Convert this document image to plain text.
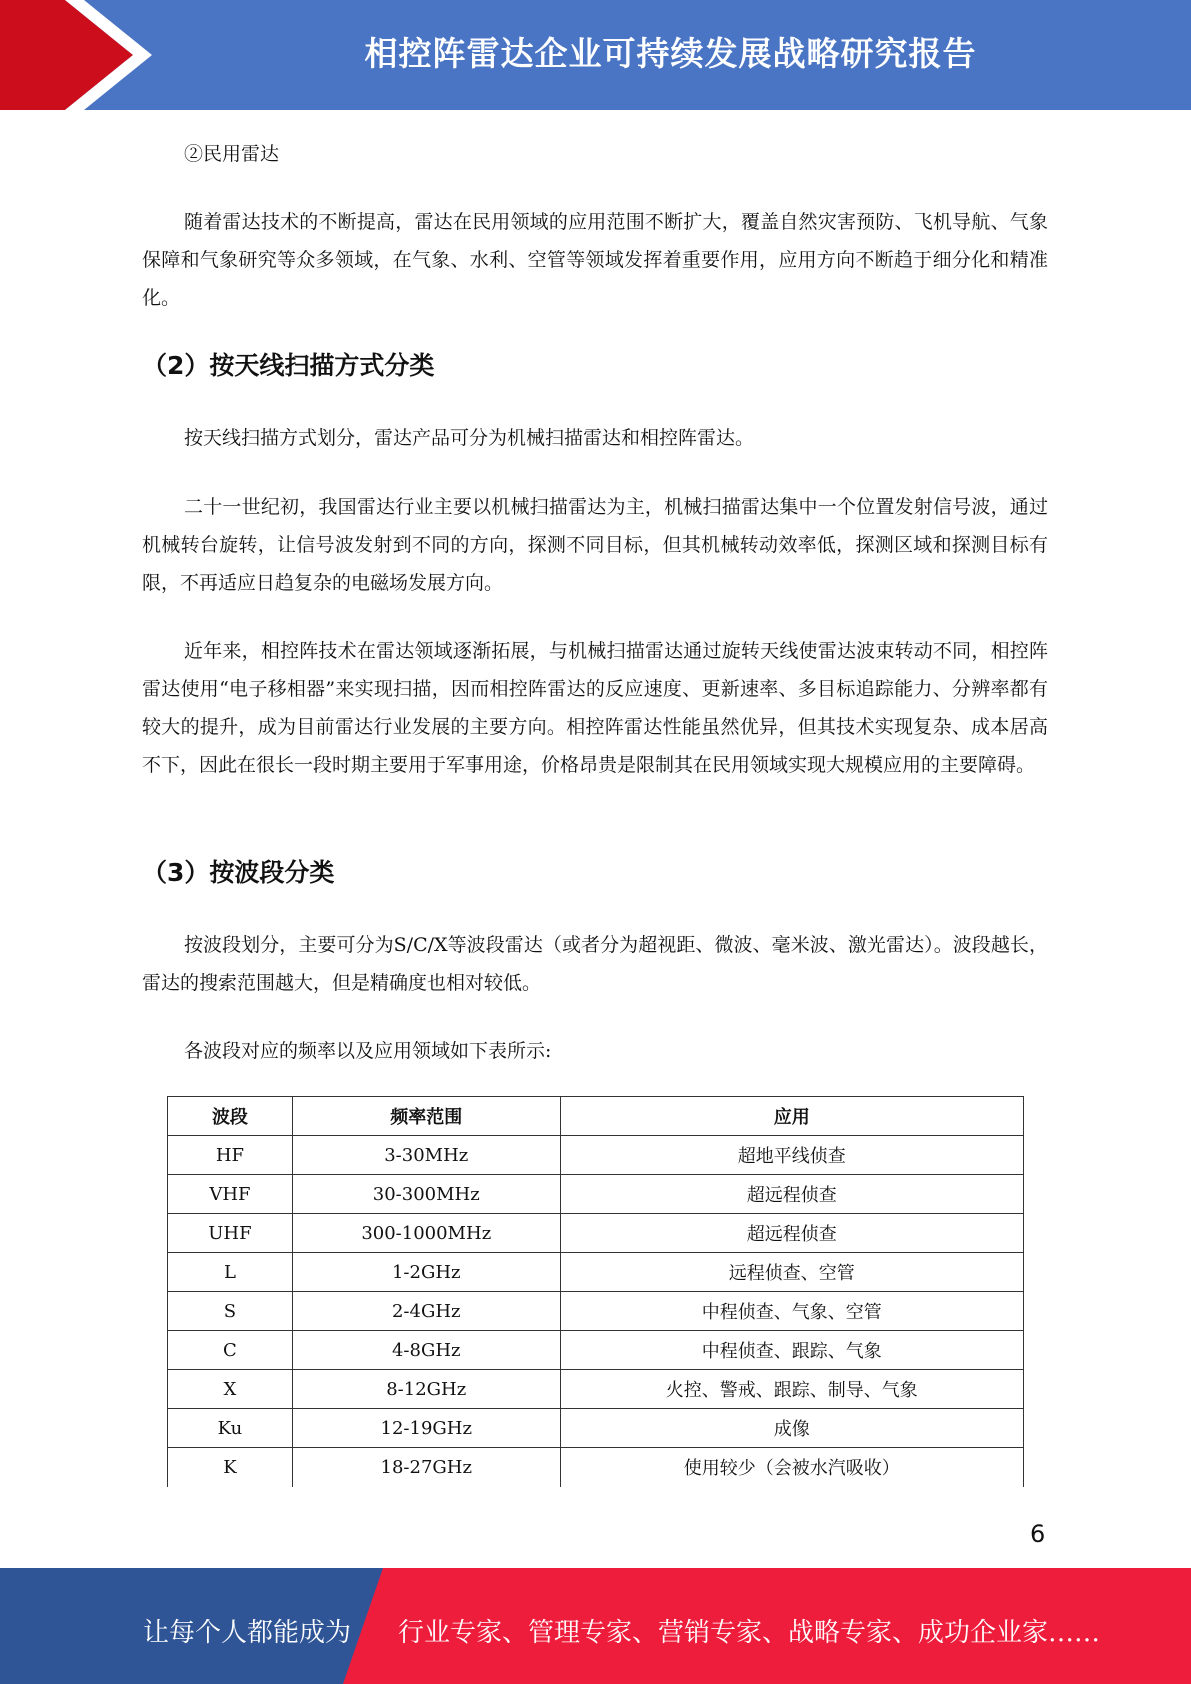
相控阵雷达企业可持续发展战略研究报告
②民用雷达
随着雷达技术的不断提高，雷达在民用领域的应用范围不断扩大，覆盖自然灾害预防、飞机导航、气象保障和气象研究等众多领域，在气象、水利、空管等领域发挥着重要作用，应用方向不断趋于细分化和精准化。
（2）按天线扫描方式分类
按天线扫描方式划分，雷达产品可分为机械扫描雷达和相控阵雷达。
二十一世纪初，我国雷达行业主要以机械扫描雷达为主，机械扫描雷达集中一个位置发射信号波，通过机械转台旋转，让信号波发射到不同的方向，探测不同目标，但其机械转动效率低，探测区域和探测目标有限，不再适应日趋复杂的电磁场发展方向。
近年来，相控阵技术在雷达领域逐渐拓展，与机械扫描雷达通过旋转天线使雷达波束转动不同，相控阵雷达使用“电子移相器”来实现扫描，因而相控阵雷达的反应速度、更新速率、多目标追踪能力、分辨率都有较大的提升，成为目前雷达行业发展的主要方向。相控阵雷达性能虽然优异，但其技术实现复杂、成本居高不下，因此在很长一段时期主要用于军事用途，价格昂贵是限制其在民用领域实现大规模应用的主要障碍。
（3）按波段分类
按波段划分，主要可分为S/C/X等波段雷达（或者分为超视距、微波、毫米波、激光雷达）。波段越长，雷达的搜索范围越大，但是精确度也相对较低。
各波段对应的频率以及应用领域如下表所示:
波段	频率范围	应用
HF	3-30MHz	超地平线侦查
VHF	30-300MHz	超远程侦查
UHF	300-1000MHz	超远程侦查
L	1-2GHz	远程侦查、空管
S	2-4GHz	中程侦查、气象、空管
C	4-8GHz	中程侦查、跟踪、气象
X	8-12GHz	火控、警戒、跟踪、制导、气象
Ku	12-19GHz	成像
K	18-27GHz	使用较少（会被水汽吸收）
6
让每个人都能成为 行业专家、管理专家、营销专家、战略专家、成功企业家……
